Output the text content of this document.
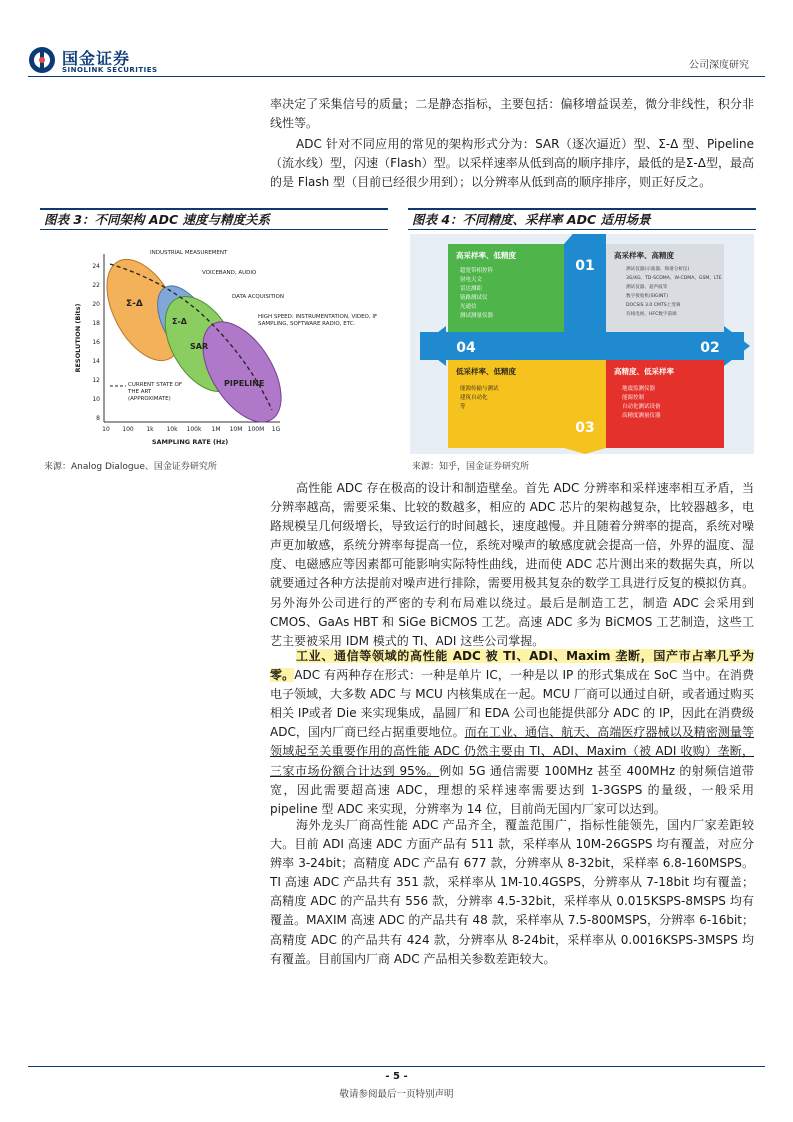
国金证券
SINOLINK SECURITIES	公司深度研究

率决定了采集信号的质量；二是静态指标，主要包括：偏移增益误差，微分非线性，积分非线性等。

ADC 针对不同应用的常见的架构形式分为：SAR（逐次逼近）型、Σ-Δ 型、Pipeline（流水线）型，闪速（Flash）型。以采样速率从低到高的顺序排序，最低的是Σ-Δ型，最高的是 Flash 型（目前已经很少用到）；以分辨率从低到高的顺序排序，则正好反之。

图表 3：不同架构 ADC 速度与精度关系
Σ-Δ
Σ-Δ
SAR
PIPELINE
INDUSTRIAL MEASUREMENT
VOICEBAND, AUDIO
DATA ACQUISITION
HIGH SPEED: INSTRUMENTATION, VIDEO, IF SAMPLING, SOFTWARE RADIO, ETC.
CURRENT STATE OF THE ART (APPROXIMATE)
24
22
20
18
16
14
12
10
8
10 100 1k 10k 100k 1M 10M 100M 1G
SAMPLING RATE (Hz)
RESOLUTION (Bits)
来源：Analog Dialogue、国金证券研究所
图表 4：不同精度、采样率 ADC 适用场景
01
02
03
04
高采样率、低精度	高采样率、高精度
高精度、低采样率
低采样率、低精度
超宽带相控阵
射电天文
雷达测距
链路测试仪
光通信
测试测量仪器
测试仪器(示波器、频谱分析仪)
3G/4G、TD-SCDMA、W-CDMA、GSM、LTE
测试仪器、超声波等
数字接收机(SIGINT)
DOCSIS 3.0 CMTS上变频
有线电视、HFC数字前端
地震监测仪器
能源控制
自动化测试设备
高精度测量仪器
能源传输与测试
建筑自动化
等
来源：知乎，国金证券研究所

高性能 ADC 存在极高的设计和制造壁垒。首先 ADC 分辨率和采样速率相互矛盾，当分辨率越高，需要采集、比较的数越多，相应的 ADC 芯片的架构越复杂，比较器越多，电路规模呈几何级增长，导致运行的时间越长，速度越慢。并且随着分辨率的提高，系统对噪声更加敏感，系统分辨率每提高一位，系统对噪声的敏感度就会提高一倍，外界的温度、湿度、电磁感应等因素都可能影响实际特性曲线，进而使 ADC 芯片测出来的数据失真，所以就要通过各种方法提前对噪声进行排除，需要用极其复杂的数学工具进行反复的模拟仿真。另外海外公司进行的严密的专利布局难以绕过。最后是制造工艺，制造 ADC 会采用到 CMOS、GaAs HBT 和 SiGe BiCMOS 工艺。高速 ADC 多为 BiCMOS 工艺制造，这些工艺主要被采用 IDM 模式的 TI、ADI 这些公司掌握。

工业、通信等领域的高性能 ADC 被 TI、ADI、Maxim 垄断，国产市占率几乎为零。ADC 有两种存在形式：一种是单片 IC，一种是以 IP 的形式集成在 SoC 当中。在消费电子领域，大多数 ADC 与 MCU 内核集成在一起。MCU 厂商可以通过自研，或者通过购买相关 IP或者 Die 来实现集成，晶圆厂和 EDA 公司也能提供部分 ADC 的 IP，因此在消费级 ADC，国内厂商已经占据重要地位。而在工业、通信、航天、高端医疗器械以及精密测量等领域起至关重要作用的高性能 ADC 仍然主要由 TI、ADI、Maxim（被 ADI 收购）垄断，三家市场份额合计达到 95%。例如 5G 通信需要 100MHz 甚至 400MHz 的射频信道带宽，因此需要超高速 ADC，理想的采样速率需要达到 1-3GSPS 的量级，一般采用 pipeline 型 ADC 来实现，分辨率为 14 位，目前尚无国内厂家可以达到。

海外龙头厂商高性能 ADC 产品齐全，覆盖范围广，指标性能领先，国内厂家差距较大。目前 ADI 高速 ADC 方面产品有 511 款，采样率从 10M-26GSPS 均有覆盖，对应分辨率 3-24bit；高精度 ADC 产品有 677 款，分辨率从 8-32bit，采样率 6.8-160MSPS。TI 高速 ADC 产品共有 351 款，采样率从 1M-10.4GSPS，分辨率从 7-18bit 均有覆盖；高精度 ADC 的产品共有 556 款，分辨率 4.5-32bit，采样率从 0.015KSPS-8MSPS 均有覆盖。MAXIM 高速 ADC 的产品共有 48 款，采样率从 7.5-800MSPS，分辨率 6-16bit；高精度 ADC 的产品共有 424 款，分辨率从 8-24bit，采样率从 0.0016KSPS-3MSPS 均有覆盖。目前国内厂商 ADC 产品相关参数差距较大。

- 5 -
敬请参阅最后一页特别声明
